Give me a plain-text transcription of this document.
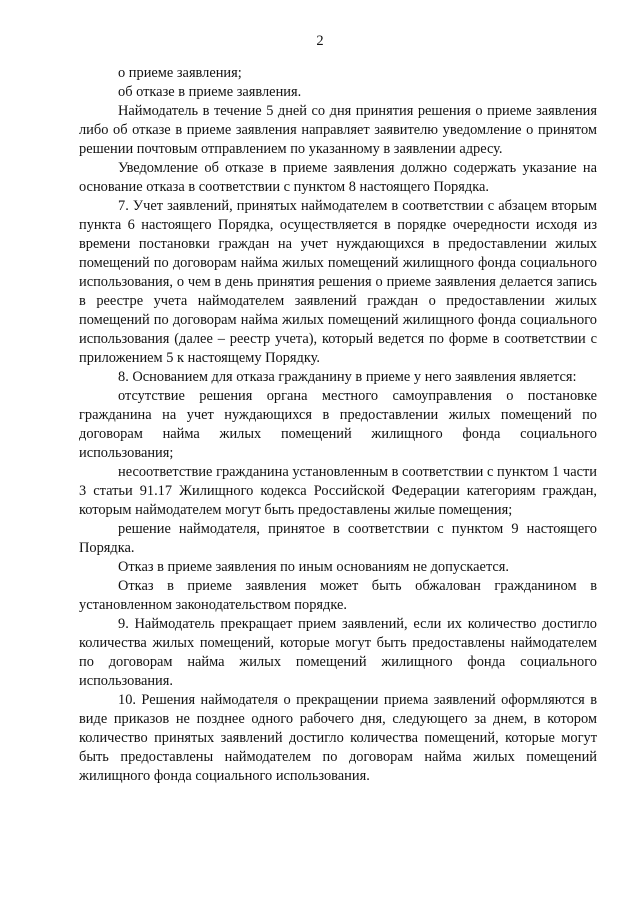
2

о приеме заявления;

об отказе в приеме заявления.

Наймодатель в течение 5 дней со дня принятия решения о приеме заявления либо об отказе в приеме заявления направляет заявителю уведомление о принятом решении почтовым отправлением по указанному в заявлении адресу.

Уведомление об отказе в приеме заявления должно содержать указание на основание отказа в соответствии с пунктом 8 настоящего Порядка.

7. Учет заявлений, принятых наймодателем в соответствии с абзацем вторым пункта 6 настоящего Порядка, осуществляется в порядке очередности исходя из времени постановки граждан на учет нуждающихся в предоставлении жилых помещений по договорам найма жилых помещений жилищного фонда социального использования, о чем в день принятия решения о приеме заявления делается запись в реестре учета наймодателем заявлений граждан о предоставлении жилых помещений по договорам найма жилых помещений жилищного фонда социального использования (далее – реестр учета), который ведется по форме в соответствии с приложением 5 к настоящему Порядку.

8. Основанием для отказа гражданину в приеме у него заявления является:

отсутствие решения органа местного самоуправления о постановке гражданина на учет нуждающихся в предоставлении жилых помещений по договорам найма жилых помещений жилищного фонда социального использования;

несоответствие гражданина установленным в соответствии с пунктом 1 части 3 статьи 91.17 Жилищного кодекса Российской Федерации категориям граждан, которым наймодателем могут быть предоставлены жилые помещения;

решение наймодателя, принятое в соответствии с пунктом 9 настоящего Порядка.

Отказ в приеме заявления по иным основаниям не допускается.

Отказ в приеме заявления может быть обжалован гражданином в установленном законодательством порядке.

9. Наймодатель прекращает прием заявлений, если их количество достигло количества жилых помещений, которые могут быть предоставлены наймодателем по договорам найма жилых помещений жилищного фонда социального использования.

10. Решения наймодателя о прекращении приема заявлений оформляются в виде приказов не позднее одного рабочего дня, следующего за днем, в котором количество принятых заявлений достигло количества помещений, которые могут быть предоставлены наймодателем по договорам найма жилых помещений жилищного фонда социального использования.
